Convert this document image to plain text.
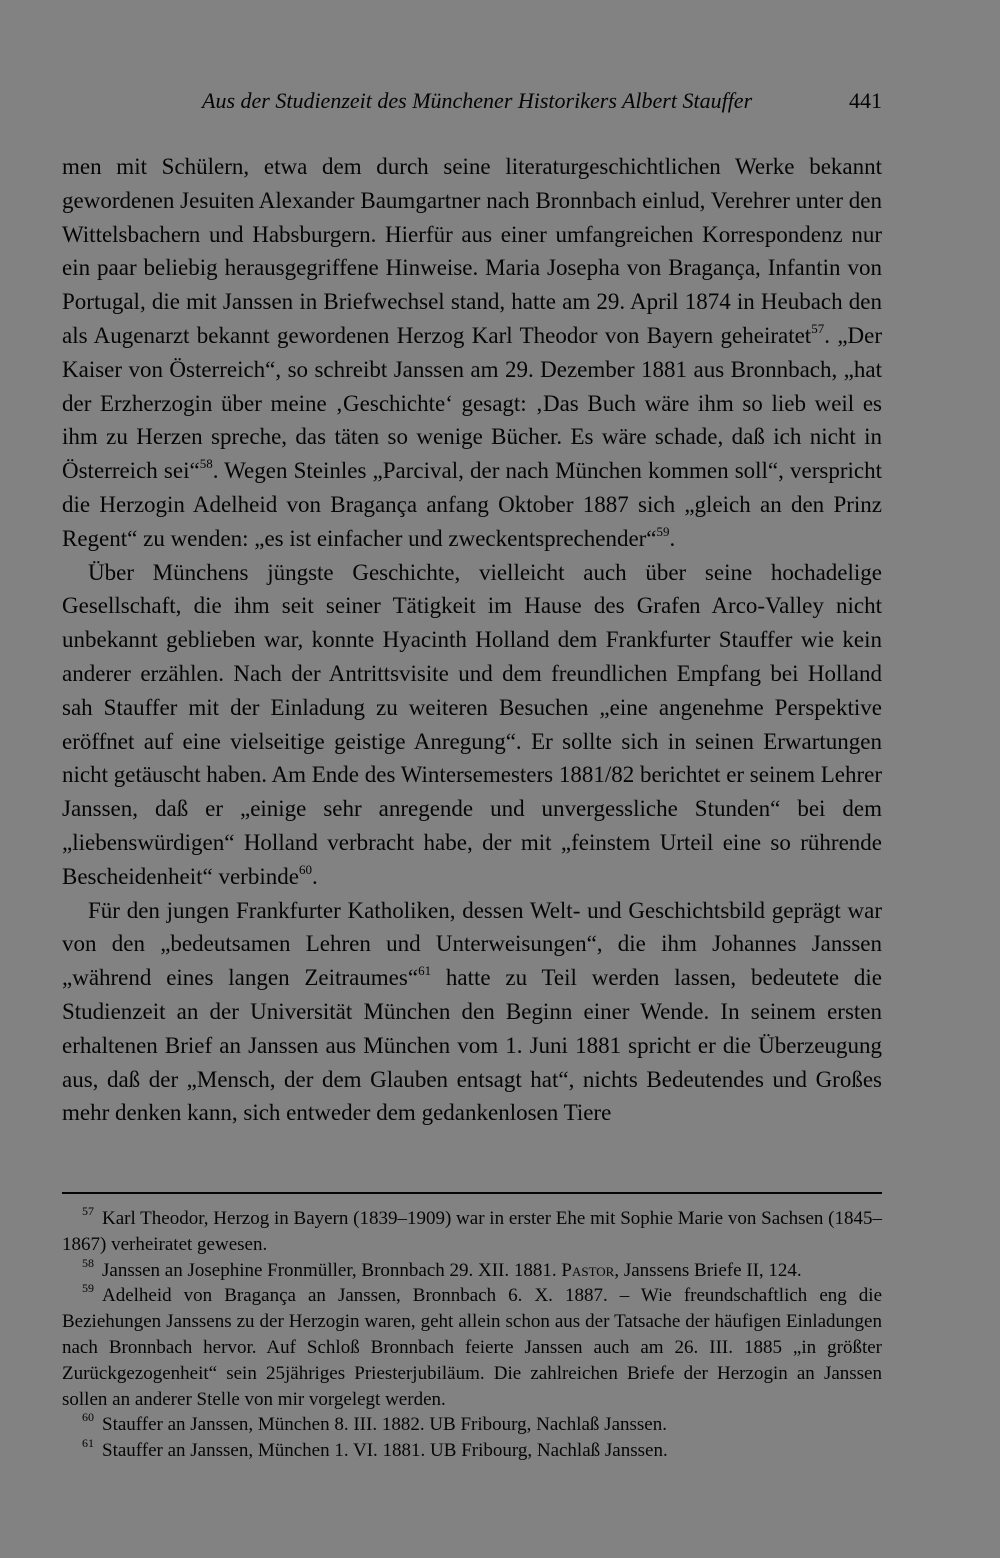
Aus der Studienzeit des Münchener Historikers Albert Stauffer	441

men mit Schülern, etwa dem durch seine literaturgeschichtlichen Werke bekannt gewordenen Jesuiten Alexander Baumgartner nach Bronnbach einlud, Verehrer unter den Wittelsbachern und Habsburgern. Hierfür aus einer umfangreichen Korrespondenz nur ein paar beliebig herausgegriffene Hinweise. Maria Josepha von Bragança, Infantin von Portugal, die mit Janssen in Briefwechsel stand, hatte am 29. April 1874 in Heubach den als Augenarzt bekannt gewordenen Herzog Karl Theodor von Bayern geheiratet$^{57}$. „Der Kaiser von Österreich“, so schreibt Janssen am 29. Dezember 1881 aus Bronnbach, „hat der Erzherzogin über meine ‚Geschichte‘ gesagt: ‚Das Buch wäre ihm so lieb weil es ihm zu Herzen spreche, das täten so wenige Bücher. Es wäre schade, daß ich nicht in Österreich sei“$^{58}$. Wegen Steinles „Parcival, der nach München kommen soll“, verspricht die Herzogin Adelheid von Bragança anfang Oktober 1887 sich „gleich an den Prinz Regent“ zu wenden: „es ist einfacher und zweckentsprechender“$^{59}$.

Über Münchens jüngste Geschichte, vielleicht auch über seine hochadelige Gesellschaft, die ihm seit seiner Tätigkeit im Hause des Grafen Arco-Valley nicht unbekannt geblieben war, konnte Hyacinth Holland dem Frankfurter Stauffer wie kein anderer erzählen. Nach der Antrittsvisite und dem freundlichen Empfang bei Holland sah Stauffer mit der Einladung zu weiteren Besuchen „eine angenehme Perspektive eröffnet auf eine vielseitige geistige Anregung“. Er sollte sich in seinen Erwartungen nicht getäuscht haben. Am Ende des Wintersemesters 1881/82 berichtet er seinem Lehrer Janssen, daß er „einige sehr anregende und unvergessliche Stunden“ bei dem „liebenswürdigen“ Holland verbracht habe, der mit „feinstem Urteil eine so rührende Bescheidenheit“ verbinde$^{60}$.

Für den jungen Frankfurter Katholiken, dessen Welt- und Geschichtsbild geprägt war von den „bedeutsamen Lehren und Unterweisungen“, die ihm Johannes Janssen „während eines langen Zeitraumes“$^{61}$ hatte zu Teil werden lassen, bedeutete die Studienzeit an der Universität München den Beginn einer Wende. In seinem ersten erhaltenen Brief an Janssen aus München vom 1. Juni 1881 spricht er die Überzeugung aus, daß der „Mensch, der dem Glauben entsagt hat“, nichts Bedeutendes und Großes mehr denken kann, sich entweder dem gedankenlosen Tiere

$^{57}$ Karl Theodor, Herzog in Bayern (1839–1909) war in erster Ehe mit Sophie Marie von Sachsen (1845–1867) verheiratet gewesen.

$^{58}$ Janssen an Josephine Fronmüller, Bronnbach 29. XII. 1881. Pastor, Janssens Briefe II, 124.

$^{59}$ Adelheid von Bragança an Janssen, Bronnbach 6. X. 1887. – Wie freundschaftlich eng die Beziehungen Janssens zu der Herzogin waren, geht allein schon aus der Tatsache der häufigen Einladungen nach Bronnbach hervor. Auf Schloß Bronnbach feierte Janssen auch am 26. III. 1885 „in größter Zurückgezogenheit“ sein 25jähriges Priesterjubiläum. Die zahlreichen Briefe der Herzogin an Janssen sollen an anderer Stelle von mir vorgelegt werden.

$^{60}$ Stauffer an Janssen, München 8. III. 1882. UB Fribourg, Nachlaß Janssen.

$^{61}$ Stauffer an Janssen, München 1. VI. 1881. UB Fribourg, Nachlaß Janssen.
